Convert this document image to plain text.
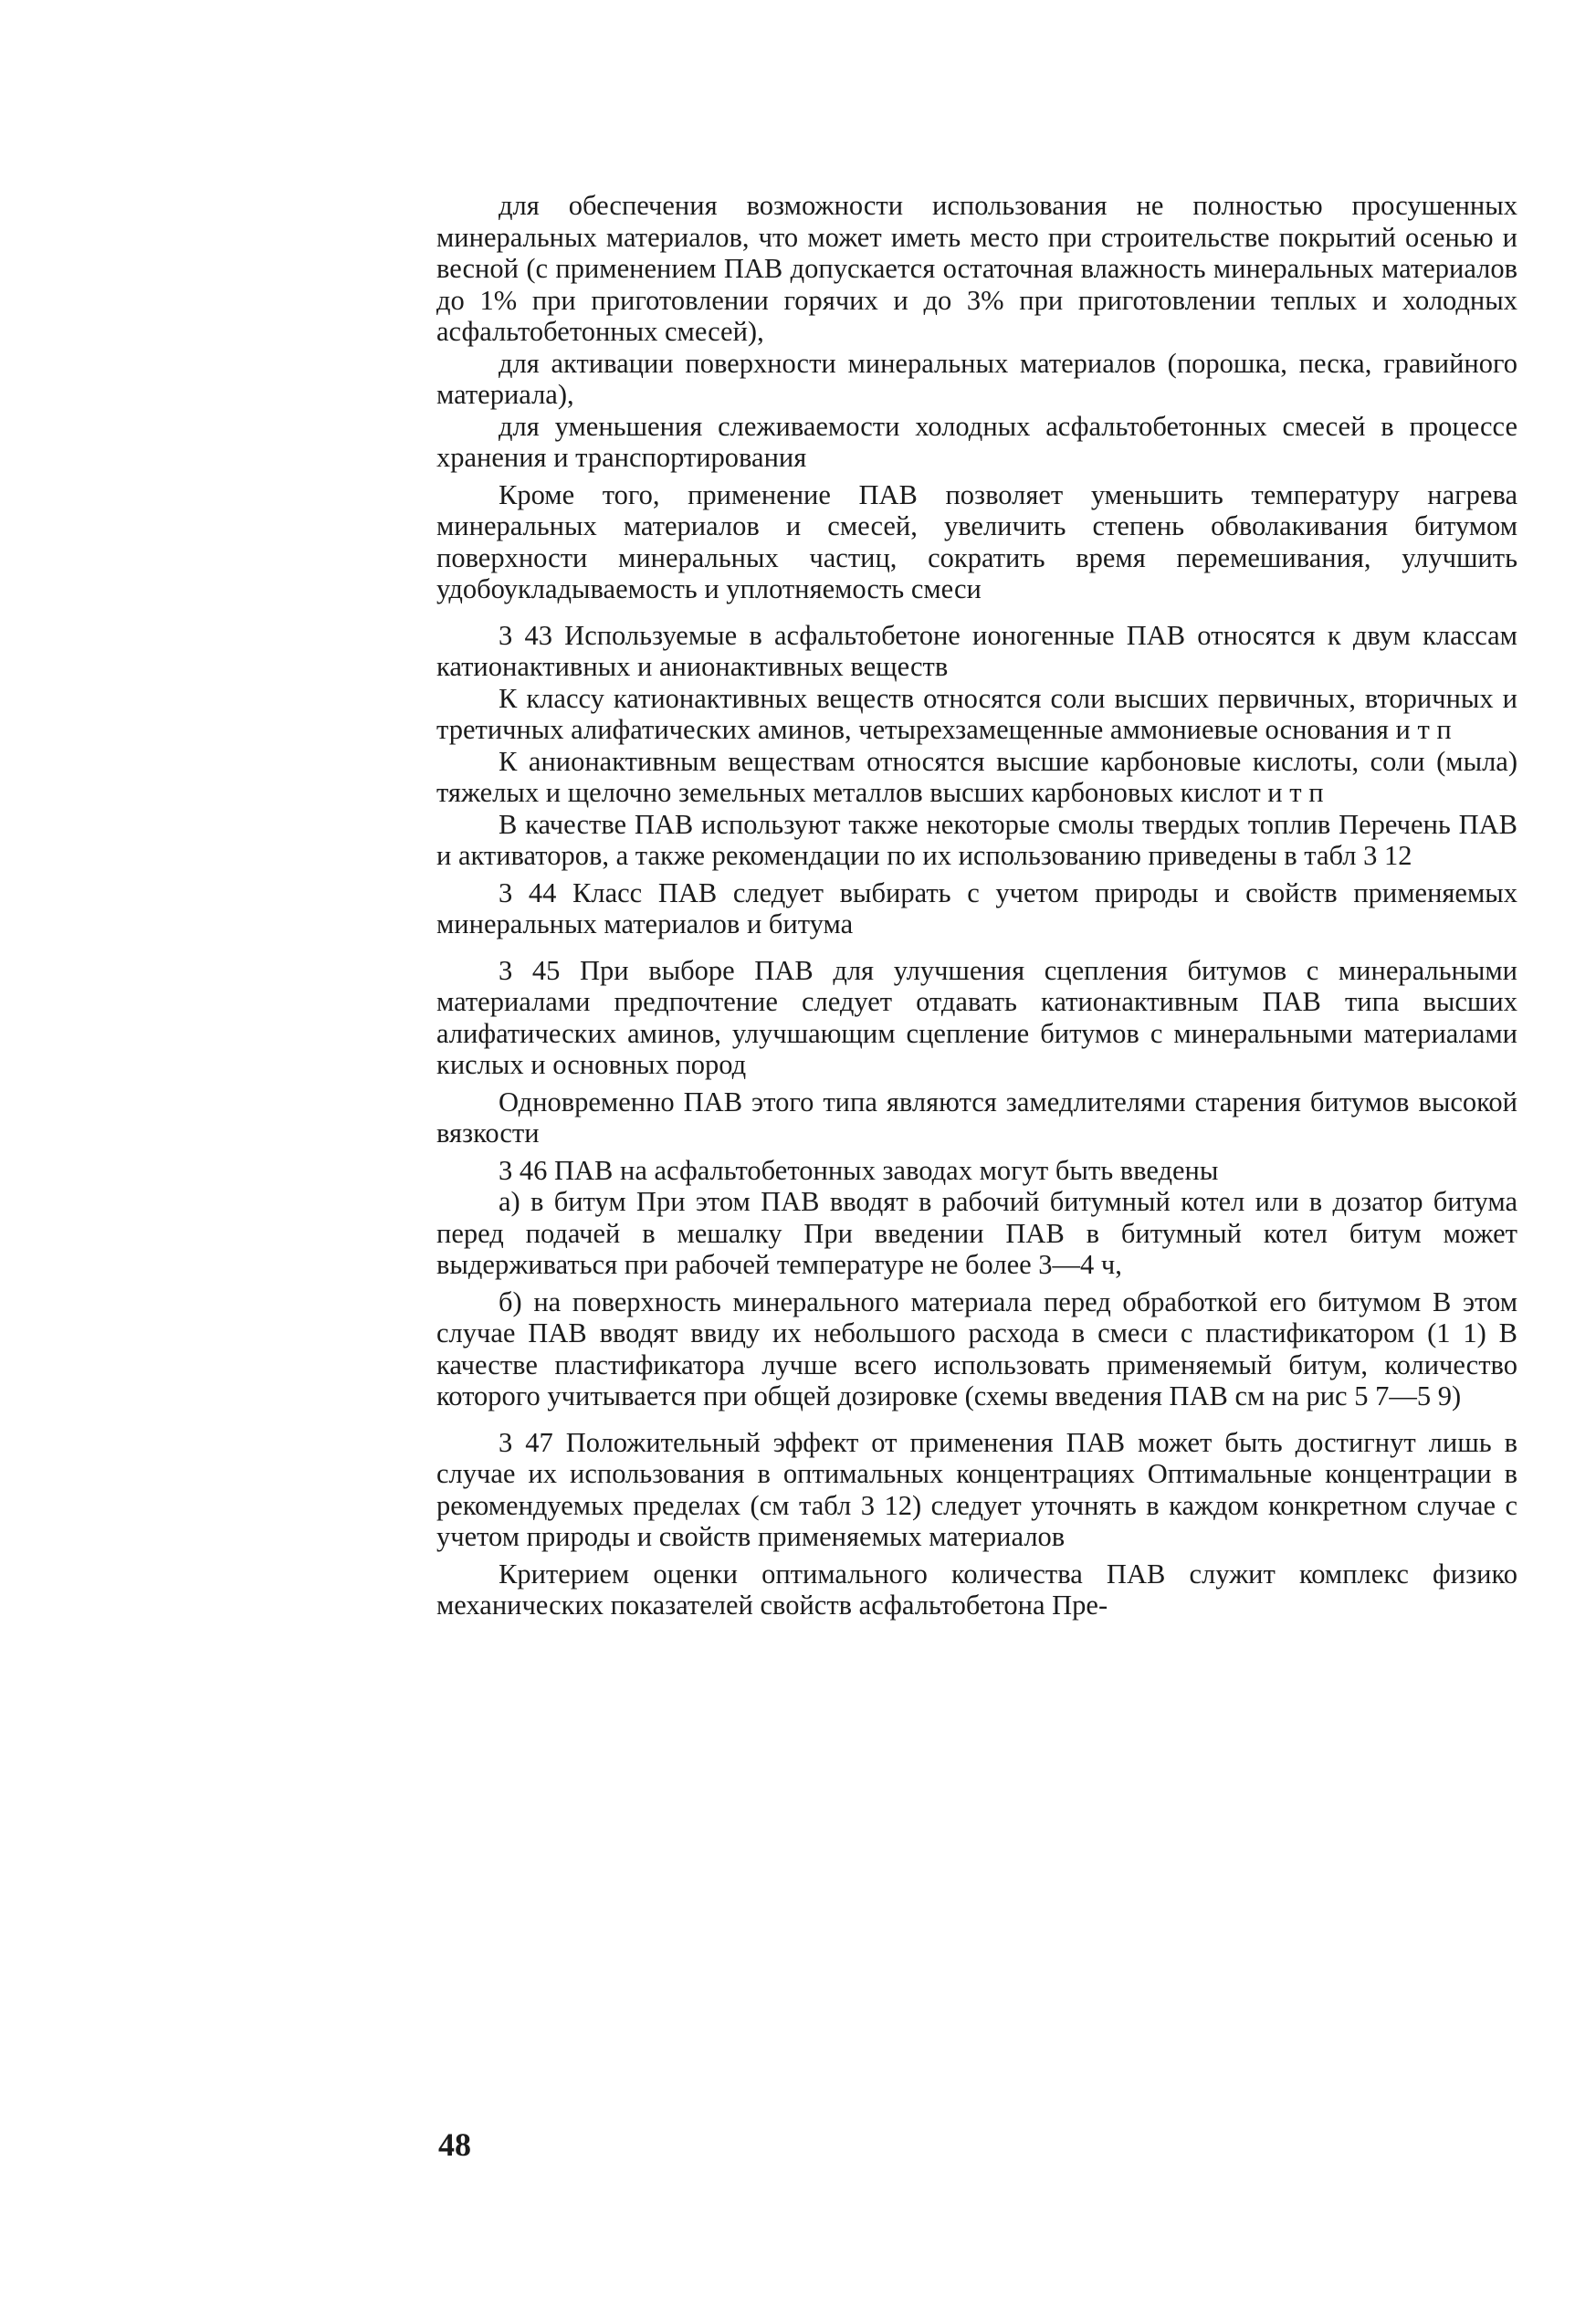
для обеспечения возможности использования не полностью просушенных минеральных материалов, что может иметь место при строительстве покрытий осенью и весной (с применением ПАВ допускается остаточная влажность минеральных материалов до 1% при приготовлении горячих и до 3% при приготовлении теплых и холодных асфальтобетонных смесей),

для активации поверхности минеральных материалов (порошка, песка, гравийного материала),

для уменьшения слеживаемости холодных асфальтобетонных смесей в процессе хранения и транспортирования

Кроме того, применение ПАВ позволяет уменьшить температуру нагрева минеральных материалов и смесей, увеличить степень обволакивания битумом поверхности минеральных частиц, сократить время перемешивания, улучшить удобоукладываемость и уплотняемость смеси

3 43 Используемые в асфальтобетоне ионогенные ПАВ относятся к двум классам катионактивных и анионактивных веществ

К классу катионактивных веществ относятся соли высших первичных, вторичных и третичных алифатических аминов, четырехзамещенные аммониевые основания и т п

К анионактивным веществам относятся высшие карбоновые кислоты, соли (мыла) тяжелых и щелочно земельных металлов высших карбоновых кислот и т п

В качестве ПАВ используют также некоторые смолы твердых топлив Перечень ПАВ и активаторов, а также рекомендации по их использованию приведены в табл 3 12

3 44 Класс ПАВ следует выбирать с учетом природы и свойств применяемых минеральных материалов и битума

3 45 При выборе ПАВ для улучшения сцепления битумов с минеральными материалами предпочтение следует отдавать катионактивным ПАВ типа высших алифатических аминов, улучшающим сцепление битумов с минеральными материалами кислых и основных пород

Одновременно ПАВ этого типа являются замедлителями старения битумов высокой вязкости

3 46 ПАВ на асфальтобетонных заводах могут быть введены

а) в битум При этом ПАВ вводят в рабочий битумный котел или в дозатор битума перед подачей в мешалку При введении ПАВ в битумный котел битум может выдерживаться при рабочей температуре не более 3—4 ч,

б) на поверхность минерального материала перед обработкой его битумом В этом случае ПАВ вводят ввиду их небольшого расхода в смеси с пластификатором (1 1) В качестве пластификатора лучше всего использовать применяемый битум, количество которого учитывается при общей дозировке (схемы введения ПАВ см на рис 5 7—5 9)

3 47 Положительный эффект от применения ПАВ может быть достигнут лишь в случае их использования в оптимальных концентрациях Оптимальные концентрации в рекомендуемых пределах (см табл 3 12) следует уточнять в каждом конкретном случае с учетом природы и свойств применяемых материалов

Критерием оценки оптимального количества ПАВ служит комплекс физико механических показателей свойств асфальтобетона Пре-

48
